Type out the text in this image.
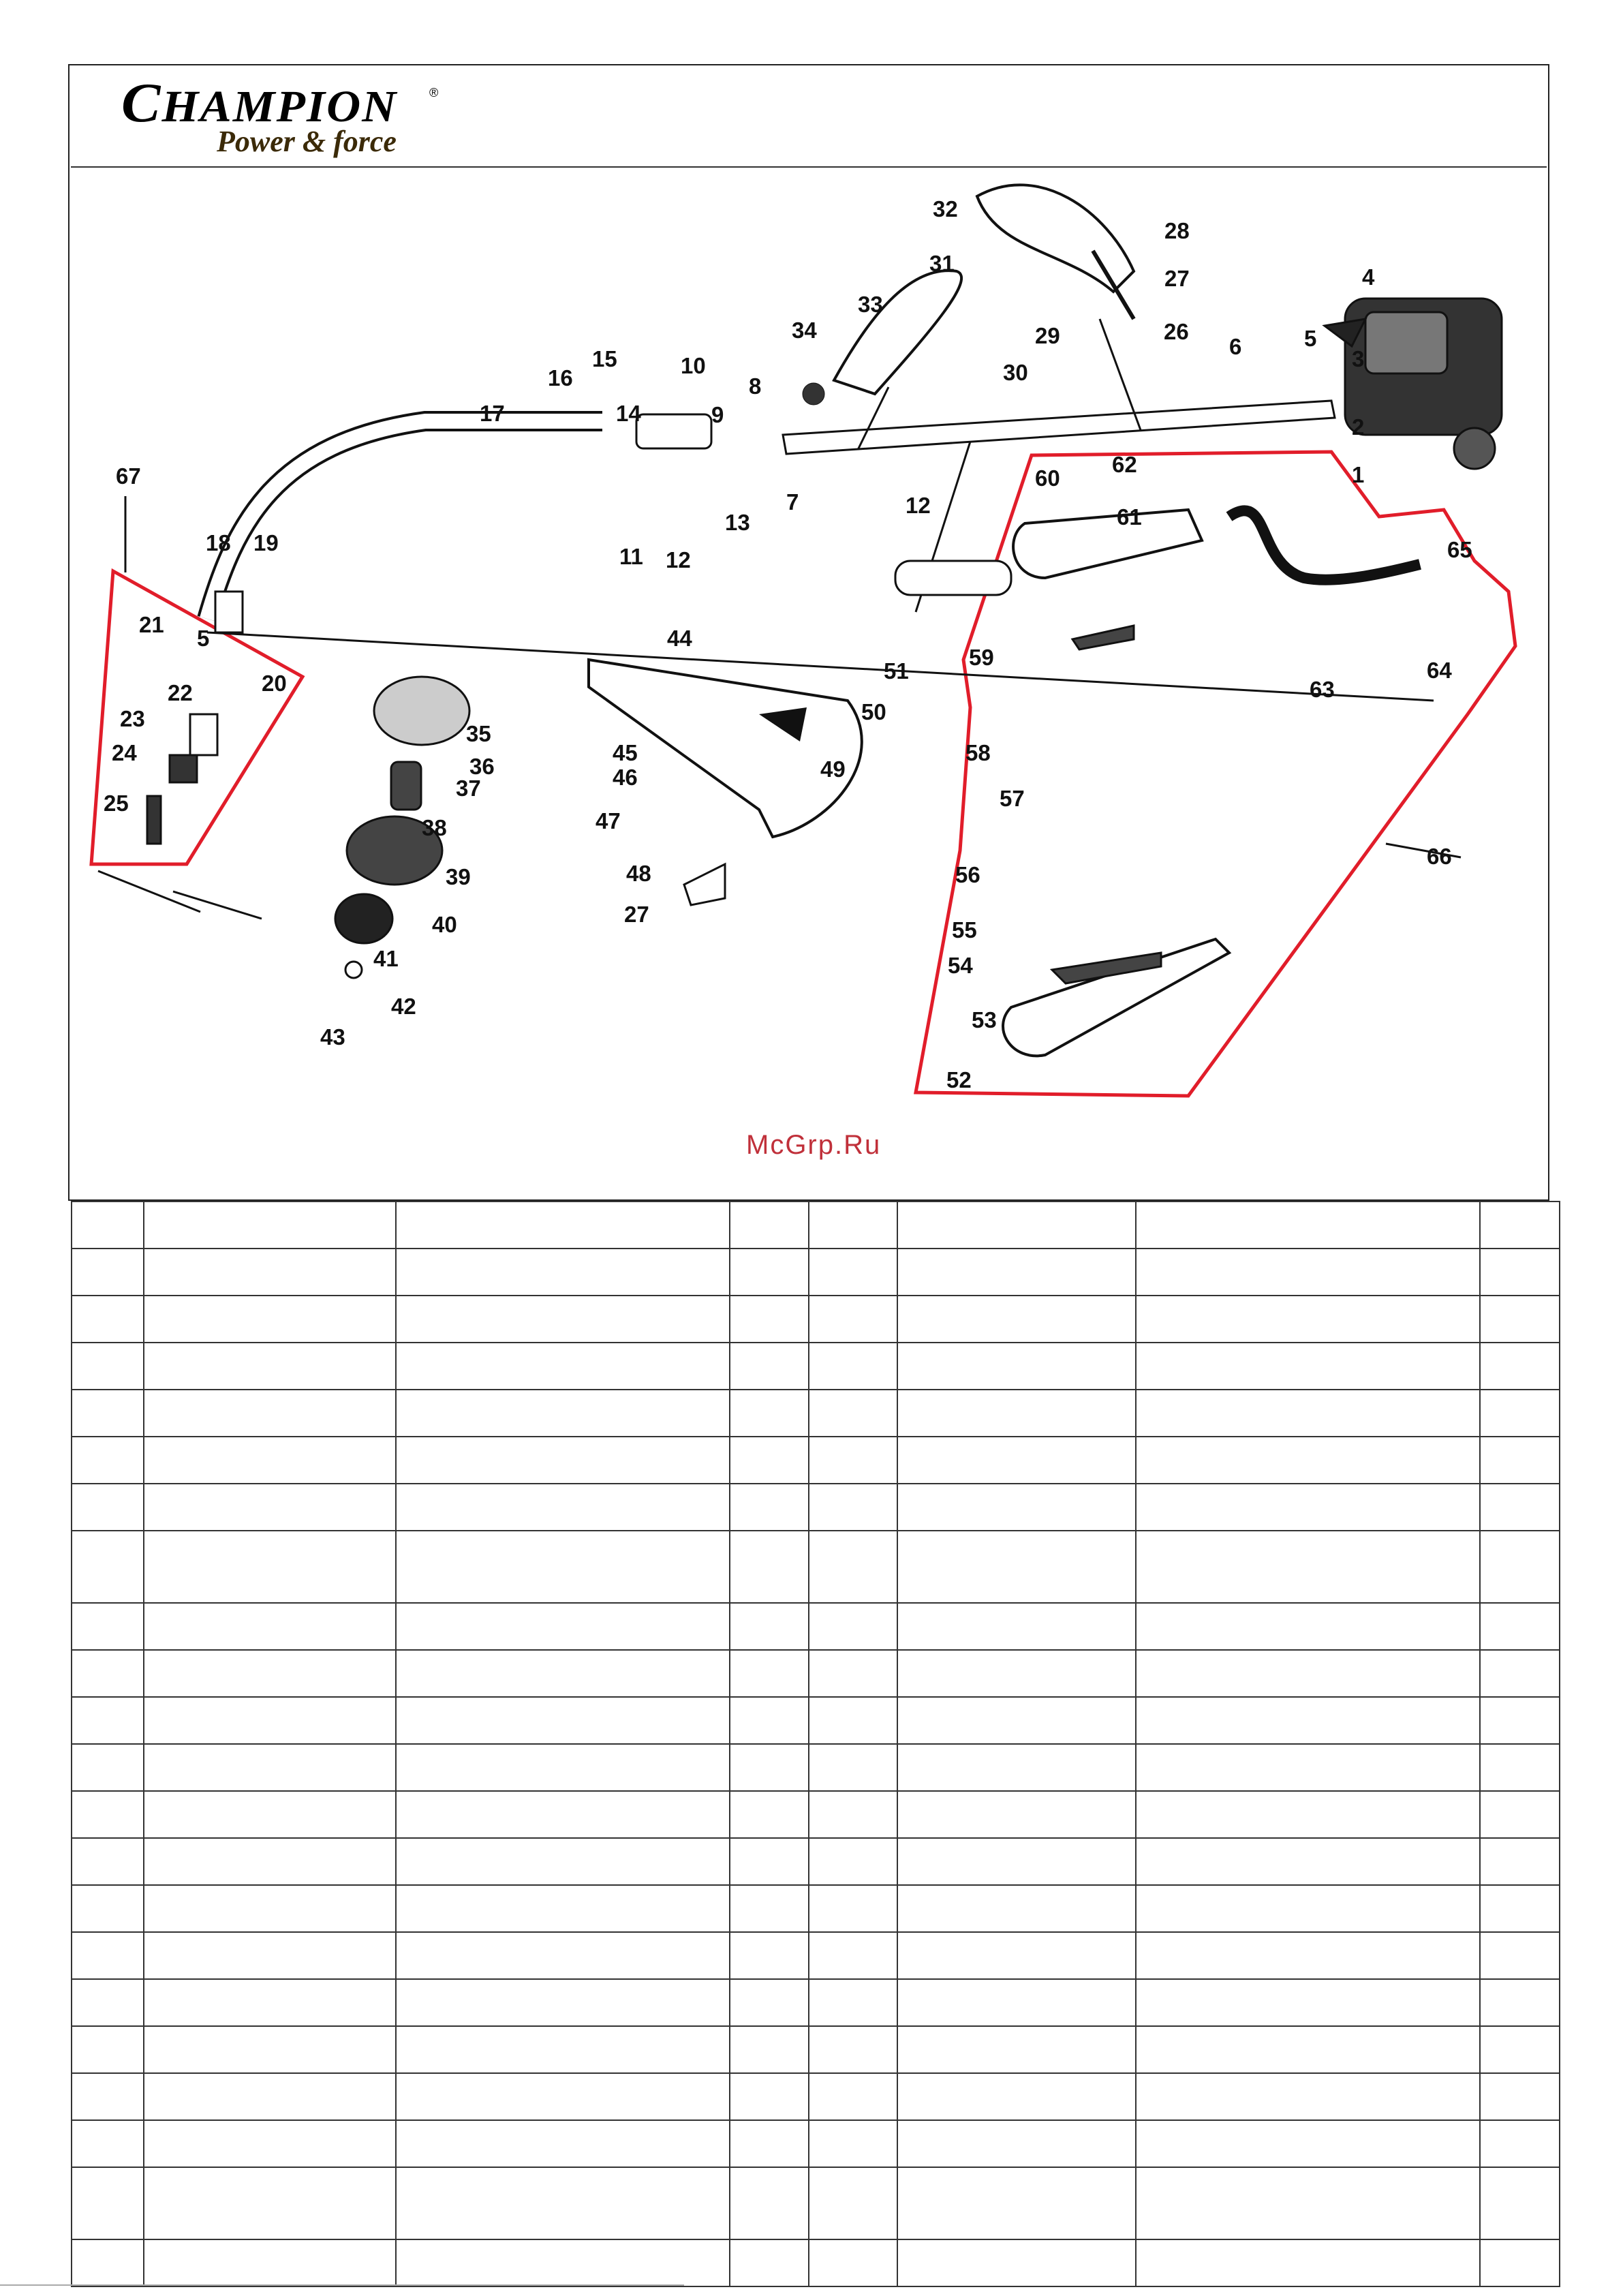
CHAMPION	®
Power & force
1
2
3
4
5
5
6
7
8
9
10
11 12
12
13
14
15
16
17
18 19
20
21
22
23
24
25
26
27
27
28
29
30
31
32
33
34
35
36
37
38
39
40
41
42
43
44
45
46
47
48
49
50
51
52
53
54
55
56
57
58
59
60
61
62
63
64
65
66
67
McGrp.Ru
